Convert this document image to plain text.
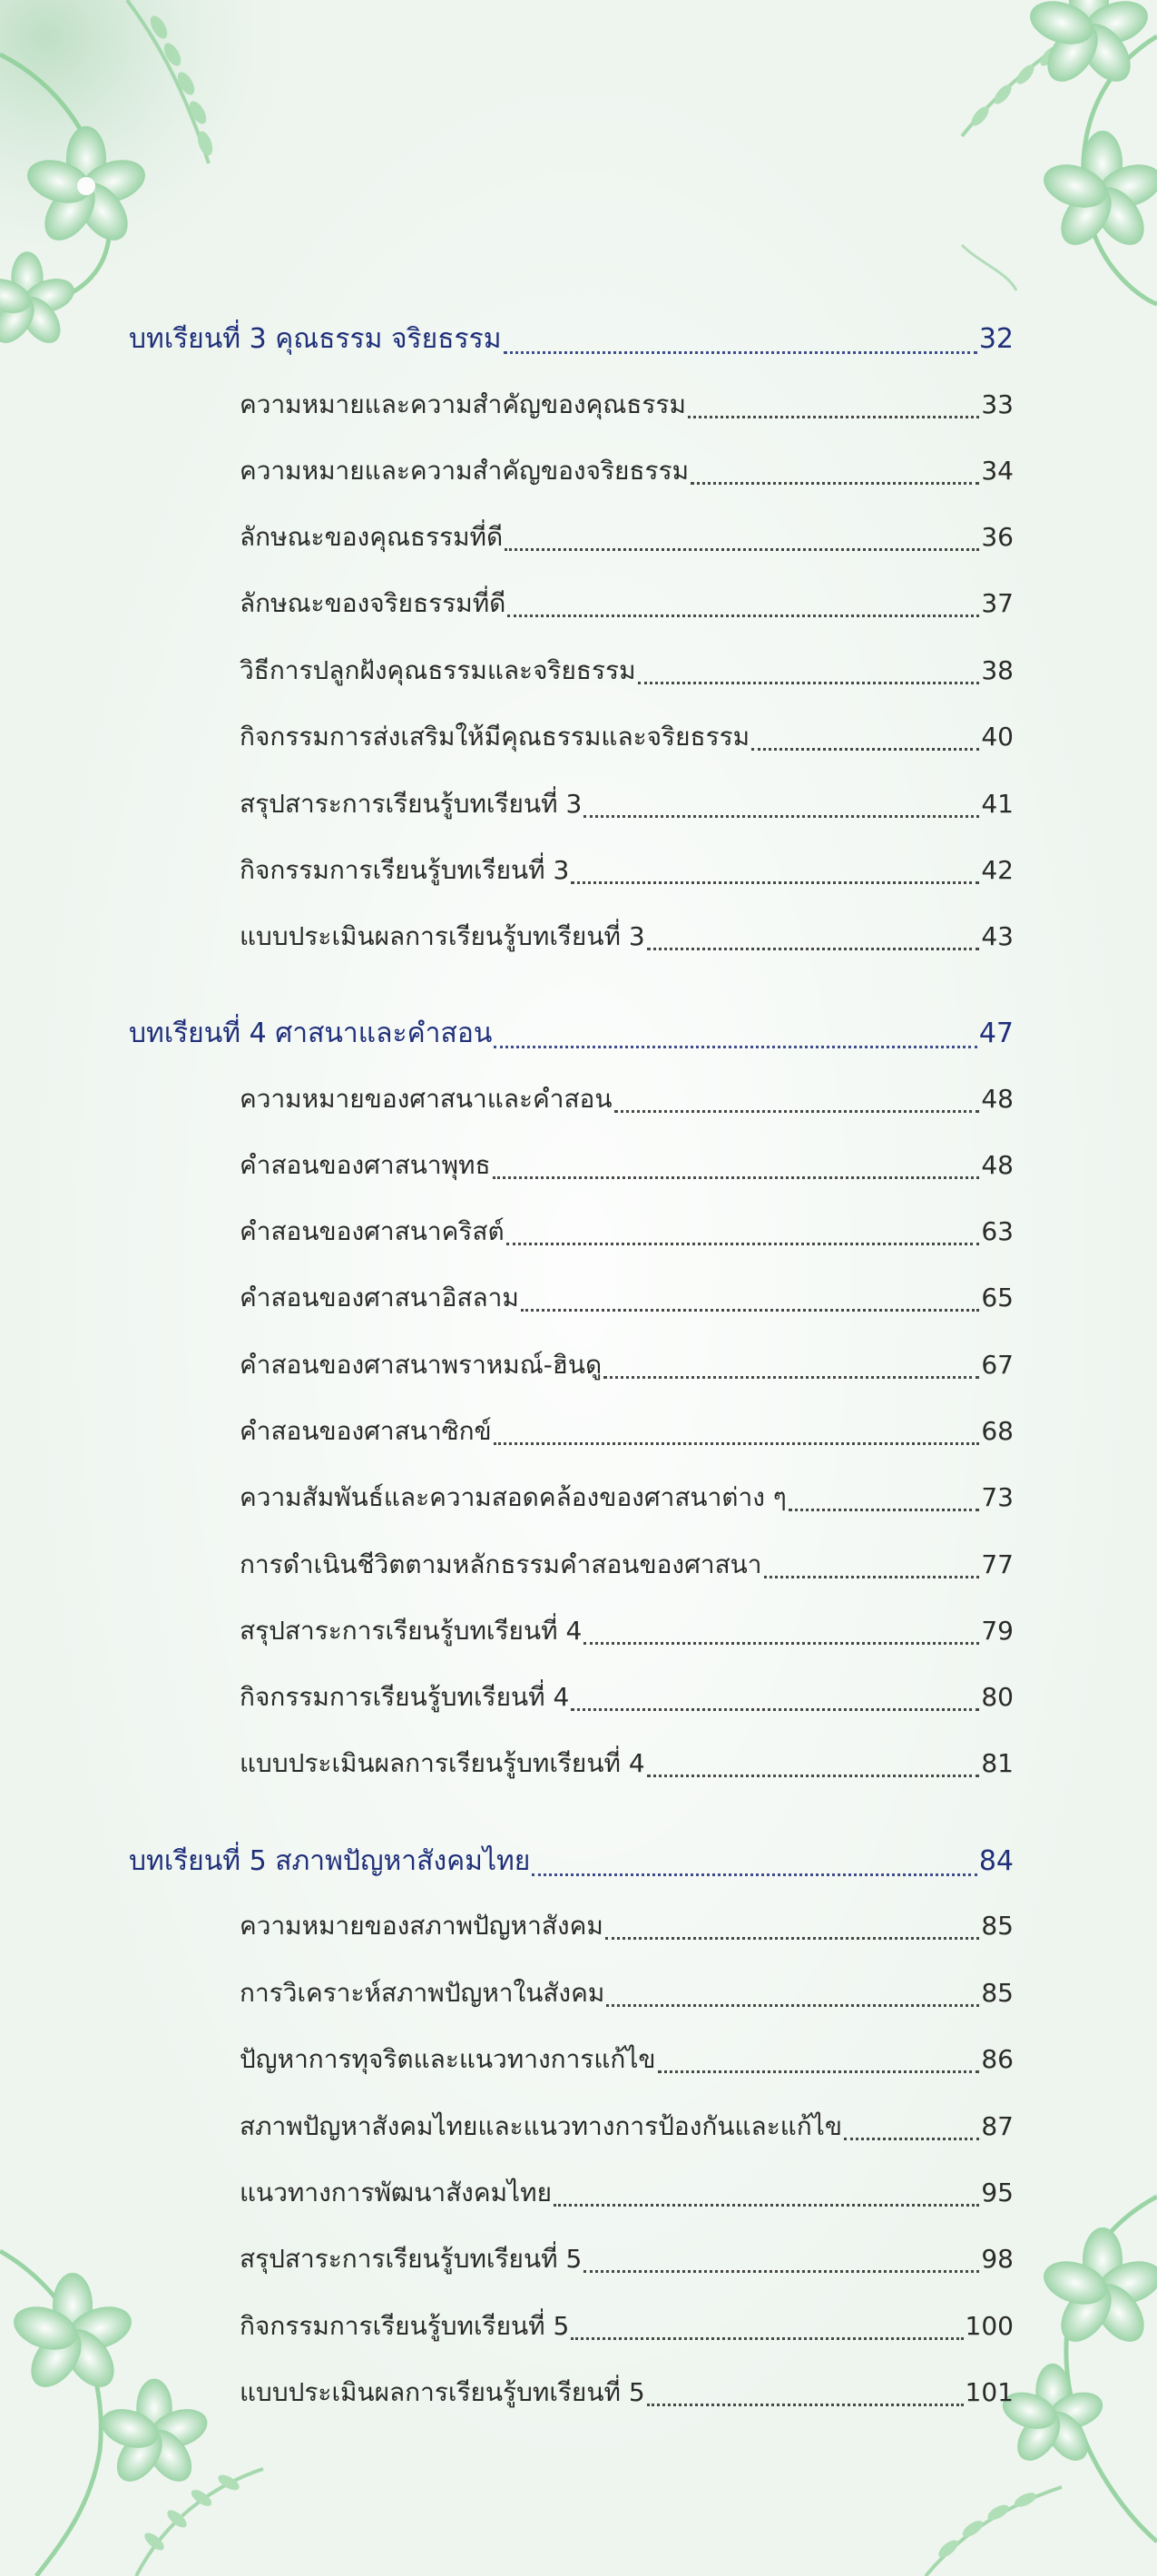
บทเรียนที่ 3 คุณธรรม จริยธรรม	32
ความหมายและความสำคัญของคุณธรรม	33
ความหมายและความสำคัญของจริยธรรม	34
ลักษณะของคุณธรรมที่ดี	36
ลักษณะของจริยธรรมที่ดี	37
วิธีการปลูกฝังคุณธรรมและจริยธรรม	38
กิจกรรมการส่งเสริมให้มีคุณธรรมและจริยธรรม	40
สรุปสาระการเรียนรู้บทเรียนที่ 3	41
กิจกรรมการเรียนรู้บทเรียนที่ 3	42
แบบประเมินผลการเรียนรู้บทเรียนที่ 3	43
บทเรียนที่ 4 ศาสนาและคำสอน	47
ความหมายของศาสนาและคำสอน	48
คำสอนของศาสนาพุทธ	48
คำสอนของศาสนาคริสต์	63
คำสอนของศาสนาอิสลาม	65
คำสอนของศาสนาพราหมณ์-ฮินดู	67
คำสอนของศาสนาซิกข์	68
ความสัมพันธ์และความสอดคล้องของศาสนาต่าง ๆ	73
การดำเนินชีวิตตามหลักธรรมคำสอนของศาสนา	77
สรุปสาระการเรียนรู้บทเรียนที่ 4	79
กิจกรรมการเรียนรู้บทเรียนที่ 4	80
แบบประเมินผลการเรียนรู้บทเรียนที่ 4	81
บทเรียนที่ 5 สภาพปัญหาสังคมไทย	84
ความหมายของสภาพปัญหาสังคม	85
การวิเคราะห์สภาพปัญหาในสังคม	85
ปัญหาการทุจริตและแนวทางการแก้ไข	86
สภาพปัญหาสังคมไทยและแนวทางการป้องกันและแก้ไข	87
แนวทางการพัฒนาสังคมไทย	95
สรุปสาระการเรียนรู้บทเรียนที่ 5	98
กิจกรรมการเรียนรู้บทเรียนที่ 5	100
แบบประเมินผลการเรียนรู้บทเรียนที่ 5	101
